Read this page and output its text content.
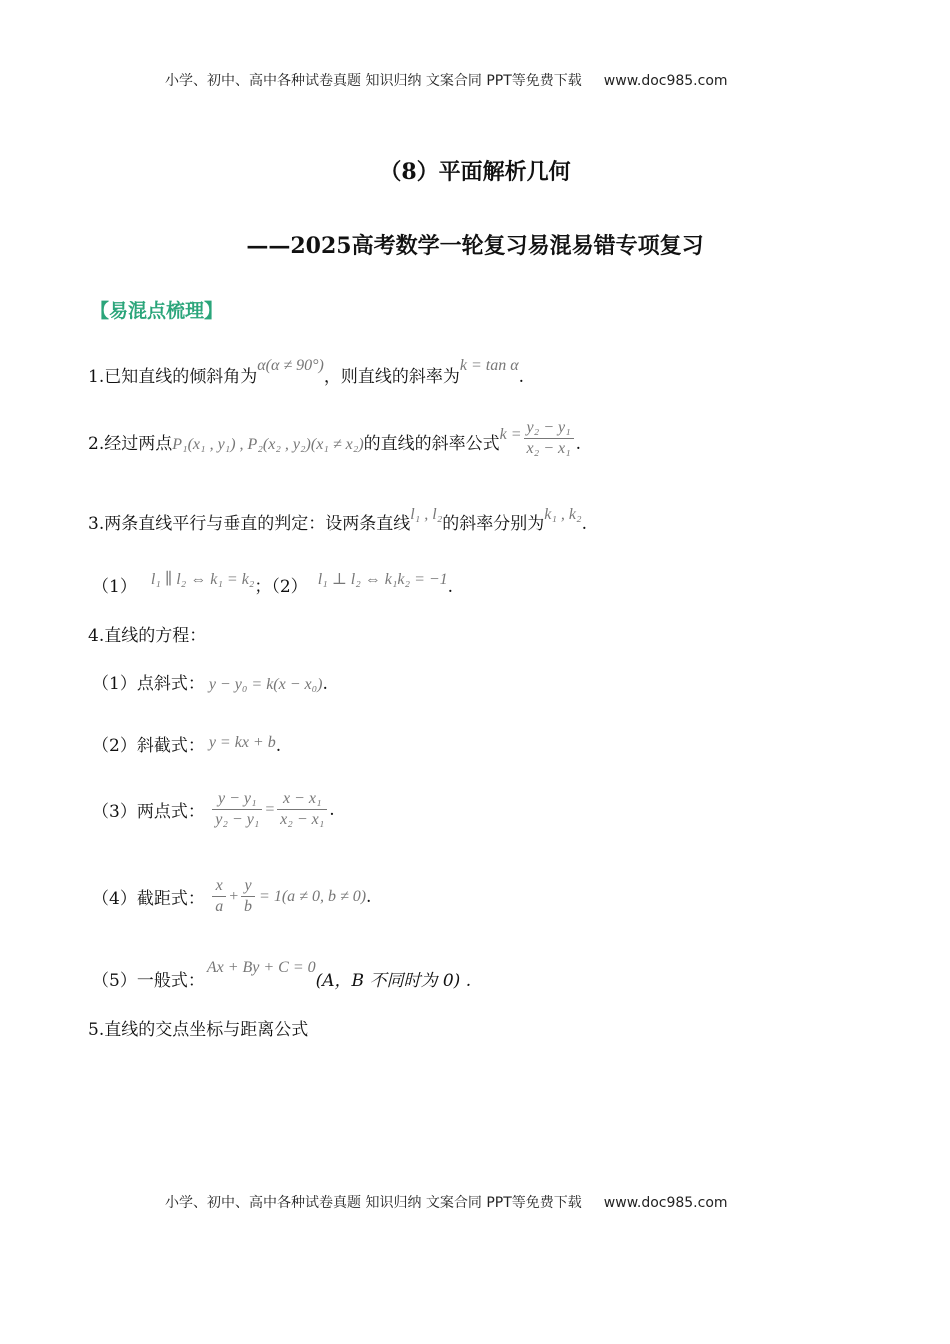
小学、初中、高中各种试卷真题 知识归纳 文案合同 PPT等免费下载 www.doc985.com
（8）平面解析几何
——2025高考数学一轮复习易混易错专项复习
【易混点梳理】
1.已知直线的倾斜角为α(α ≠ 90°)，则直线的斜率为k = tan α.
2.经过两点P₁(x₁ , y₁) , P₂(x₂ , y₂)(x₁ ≠ x₂)的直线的斜率公式$k = \frac{\text{y₂ − y₁}}{\text{x₂ − x₁}}$ .
3.两条直线平行与垂直的判定：设两条直线l₁ , l₂的斜率分别为k₁ , k₂.
（1） l₁ ∥ l₂ ⇔ k₁ = k₂；（2） l₁ ⊥ l₂ ⇔ k₁k₂ = −1.
4.直线的方程：
（1）点斜式： y − y₀ = k(x − x₀).
（2）斜截式： y = kx + b.
（3）两点式： $\frac{\text{y − y₁}}{\text{y₂ − y₁}} = \frac{\text{x − x₁}}{\text{x₂ − x₁}}$ .
（4）截距式： $\frac{x}{a} + \frac{y}{b} = 1(a \ne 0$, b ≠ 0).
（5）一般式：Ax + By + C = 0(A，B 不同时为 0) .
5.直线的交点坐标与距离公式
小学、初中、高中各种试卷真题 知识归纳 文案合同 PPT等免费下载 www.doc985.com
